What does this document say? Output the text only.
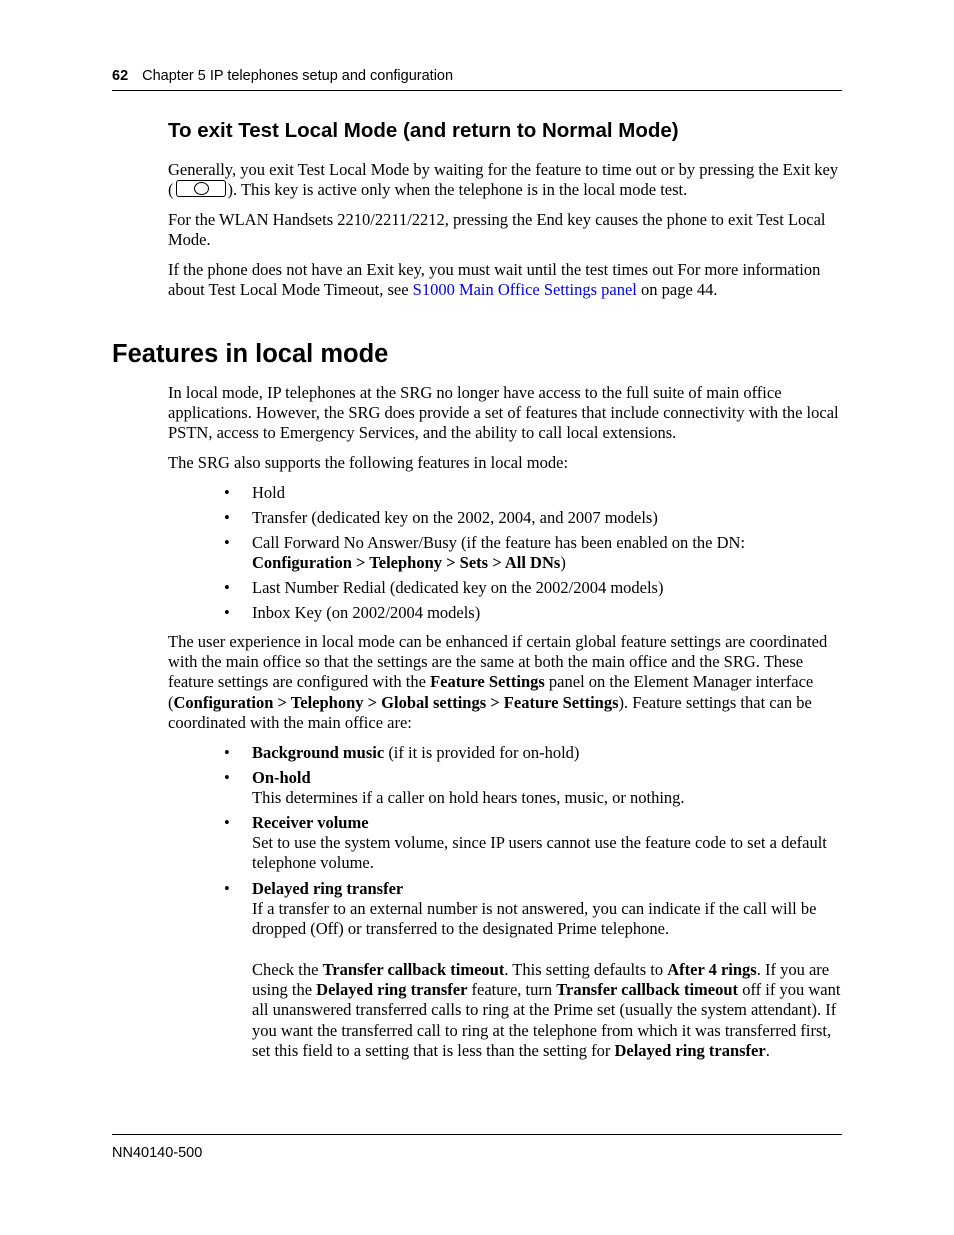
62 Chapter 5 IP telephones setup and configuration
To exit Test Local Mode (and return to Normal Mode)

Generally, you exit Test Local Mode by waiting for the feature to time out or by pressing the Exit key (	). This key is active only when the telephone is in the local mode test.

For the WLAN Handsets 2210/2211/2212, pressing the End key causes the phone to exit Test Local Mode.

If the phone does not have an Exit key, you must wait until the test times out For more information about Test Local Mode Timeout, see S1000 Main Office Settings panel on page 44.

Features in local mode

In local mode, IP telephones at the SRG no longer have access to the full suite of main office applications. However, the SRG does provide a set of features that include connectivity with the local PSTN, access to Emergency Services, and the ability to call local extensions.

The SRG also supports the following features in local mode:

• Hold

• Transfer (dedicated key on the 2002, 2004, and 2007 models)

• Call Forward No Answer/Busy (if the feature has been enabled on the DN:
Configuration > Telephony > Sets > All DNs)

• Last Number Redial (dedicated key on the 2002/2004 models)

• Inbox Key (on 2002/2004 models)

The user experience in local mode can be enhanced if certain global feature settings are coordinated with the main office so that the settings are the same at both the main office and the SRG. These feature settings are configured with the Feature Settings panel on the Element Manager interface (Configuration > Telephony > Global settings > Feature Settings). Feature settings that can be coordinated with the main office are:

• Background music (if it is provided for on-hold)

• On-hold
This determines if a caller on hold hears tones, music, or nothing.

• Receiver volume
Set to use the system volume, since IP users cannot use the feature code to set a default telephone volume.

• Delayed ring transfer
If a transfer to an external number is not answered, you can indicate if the call will be dropped (Off) or transferred to the designated Prime telephone.

Check the Transfer callback timeout. This setting defaults to After 4 rings. If you are using the Delayed ring transfer feature, turn Transfer callback timeout off if you want all unanswered transferred calls to ring at the Prime set (usually the system attendant). If you want the transferred call to ring at the telephone from which it was transferred first, set this field to a setting that is less than the setting for Delayed ring transfer.

NN40140-500
